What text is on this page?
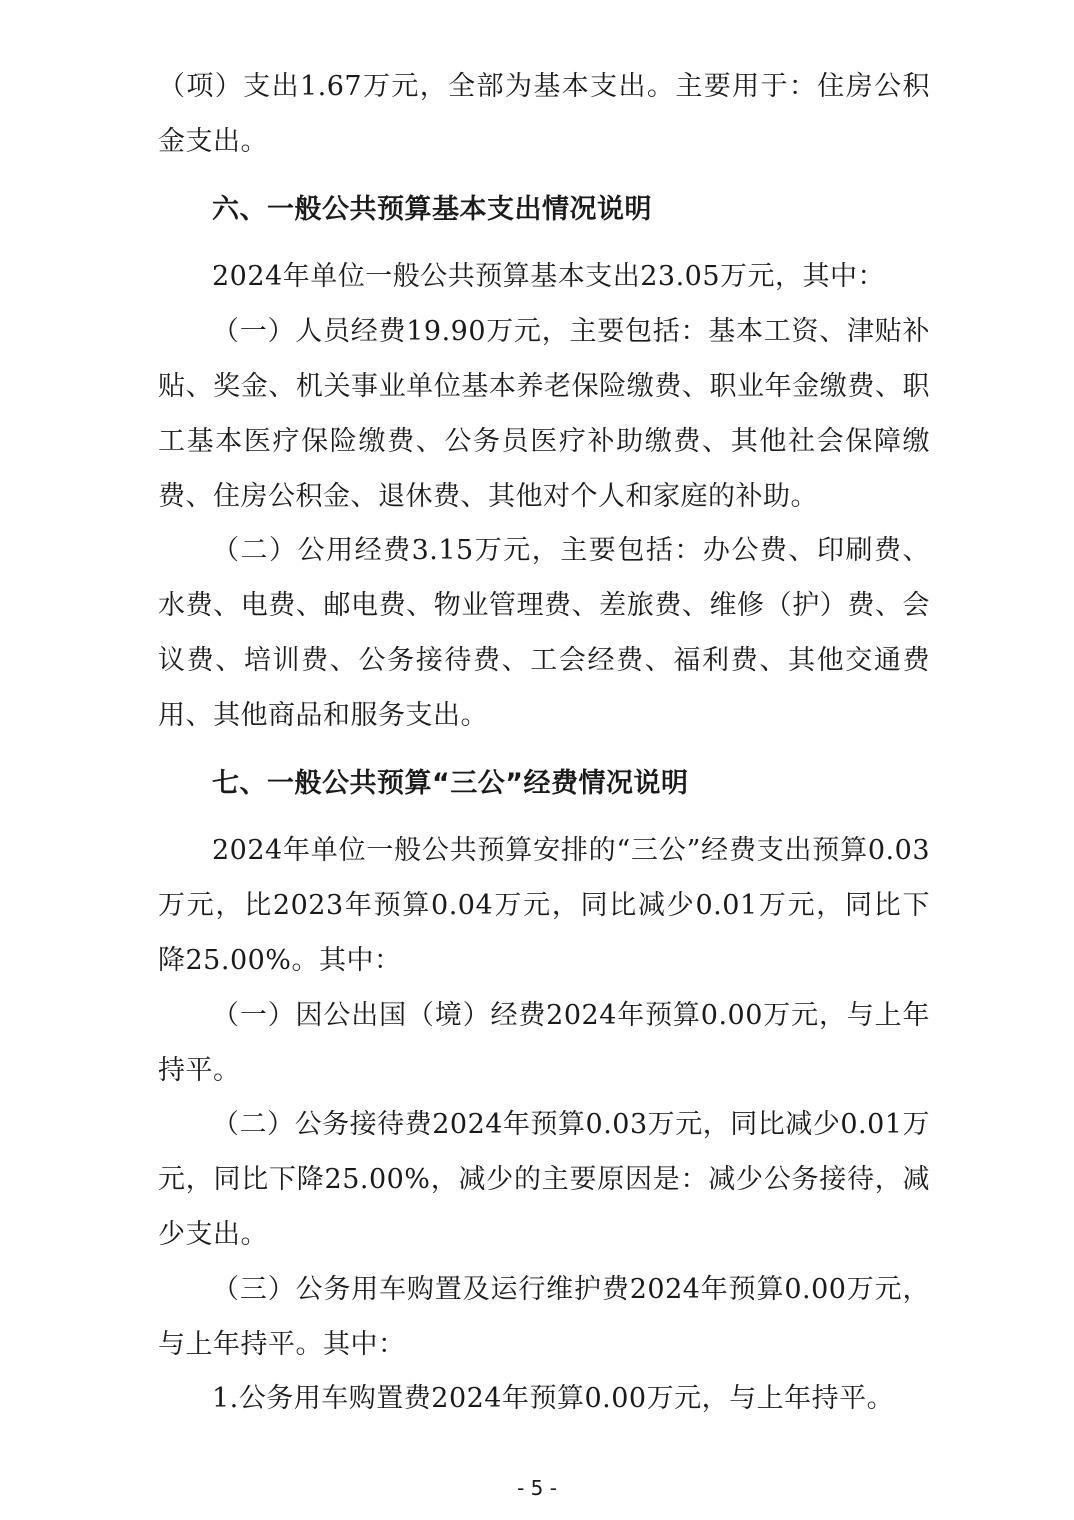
（项）支出1.67万元，全部为基本支出。主要用于：住房公积金支出。

六、一般公共预算基本支出情况说明

2024年单位一般公共预算基本支出23.05万元，其中：

（一）人员经费19.90万元，主要包括：基本工资、津贴补贴、奖金、机关事业单位基本养老保险缴费、职业年金缴费、职工基本医疗保险缴费、公务员医疗补助缴费、其他社会保障缴费、住房公积金、退休费、其他对个人和家庭的补助。

（二）公用经费3.15万元，主要包括：办公费、印刷费、水费、电费、邮电费、物业管理费、差旅费、维修（护）费、会议费、培训费、公务接待费、工会经费、福利费、其他交通费用、其他商品和服务支出。

七、一般公共预算“三公”经费情况说明

2024年单位一般公共预算安排的“三公”经费支出预算0.03万元，比2023年预算0.04万元，同比减少0.01万元，同比下降25.00%。其中：

（一）因公出国（境）经费2024年预算0.00万元，与上年持平。

（二）公务接待费2024年预算0.03万元，同比减少0.01万元，同比下降25.00%，减少的主要原因是：减少公务接待，减少支出。

（三）公务用车购置及运行维护费2024年预算0.00万元，与上年持平。其中：

1.公务用车购置费2024年预算0.00万元，与上年持平。

- 5 -
